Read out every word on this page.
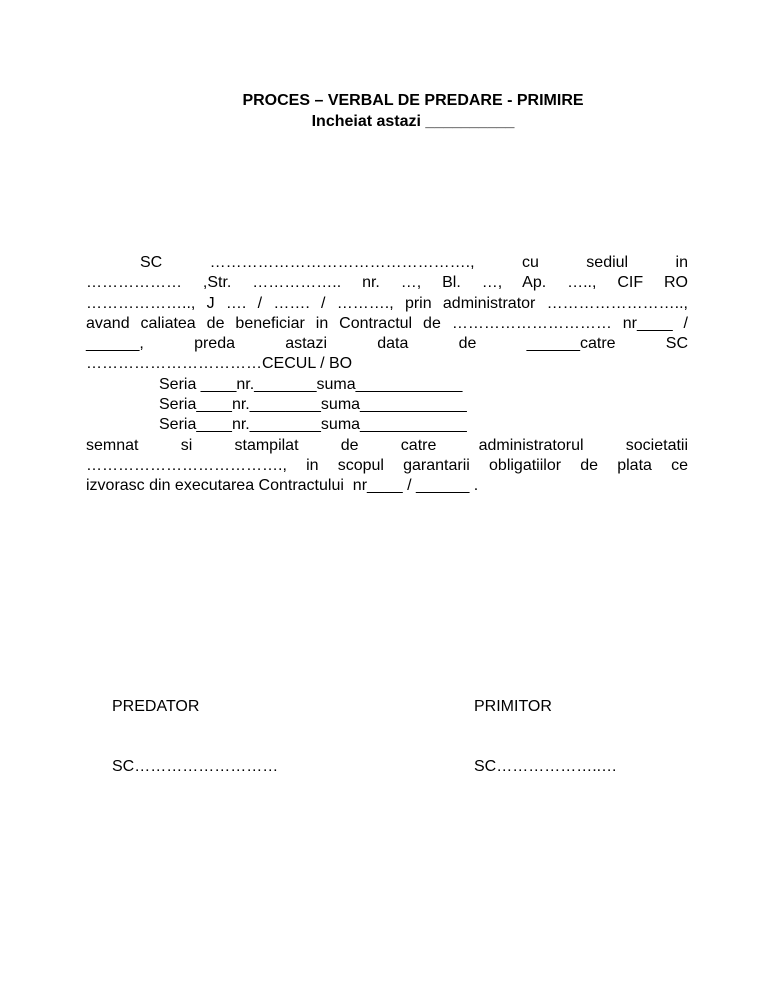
PROCES – VERBAL DE PREDARE - PRIMIRE
Incheiat astazi __________
SC	………………………………………….,	cu	sediul	in
……………… ,Str. …………….. nr. …, Bl. …, Ap. ….., CIF RO
……………….., J …. / ……. / ………., prin administrator ……………………..,
avand caliatea de beneficiar in Contractul de ………………………… nr____ /
______,	preda	astazi	data	de	______catre	SC
……………………………CECUL / BO
Seria ____nr._______suma____________
Seria____nr.________suma____________
Seria____nr.________suma____________
semnat	si	stampilat	de	catre	administratorul	societatii
………………………………., in scopul garantarii obligatiilor de plata ce
izvorasc din executarea Contractului  nr____ / ______ .

PREDATOR

SC………………………

PRIMITOR

SC………………..…
